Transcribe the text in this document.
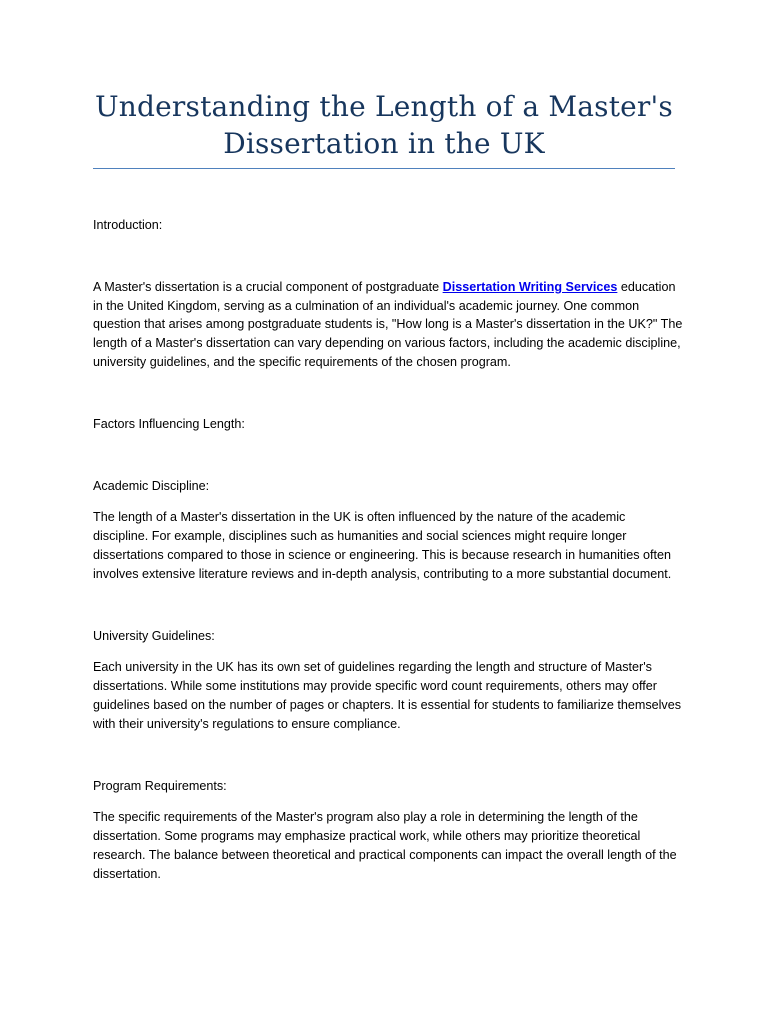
Understanding the Length of a Master's
Dissertation in the UK

Introduction:

A Master's dissertation is a crucial component of postgraduate Dissertation Writing Services education in the United Kingdom, serving as a culmination of an individual's academic journey. One common question that arises among postgraduate students is, "How long is a Master's dissertation in the UK?" The length of a Master's dissertation can vary depending on various factors, including the academic discipline, university guidelines, and the specific requirements of the chosen program.

Factors Influencing Length:

Academic Discipline:

The length of a Master's dissertation in the UK is often influenced by the nature of the academic discipline. For example, disciplines such as humanities and social sciences might require longer dissertations compared to those in science or engineering. This is because research in humanities often involves extensive literature reviews and in-depth analysis, contributing to a more substantial document.

University Guidelines:

Each university in the UK has its own set of guidelines regarding the length and structure of Master's dissertations. While some institutions may provide specific word count requirements, others may offer guidelines based on the number of pages or chapters. It is essential for students to familiarize themselves with their university's regulations to ensure compliance.

Program Requirements:

The specific requirements of the Master's program also play a role in determining the length of the dissertation. Some programs may emphasize practical work, while others may prioritize theoretical research. The balance between theoretical and practical components can impact the overall length of the dissertation.
